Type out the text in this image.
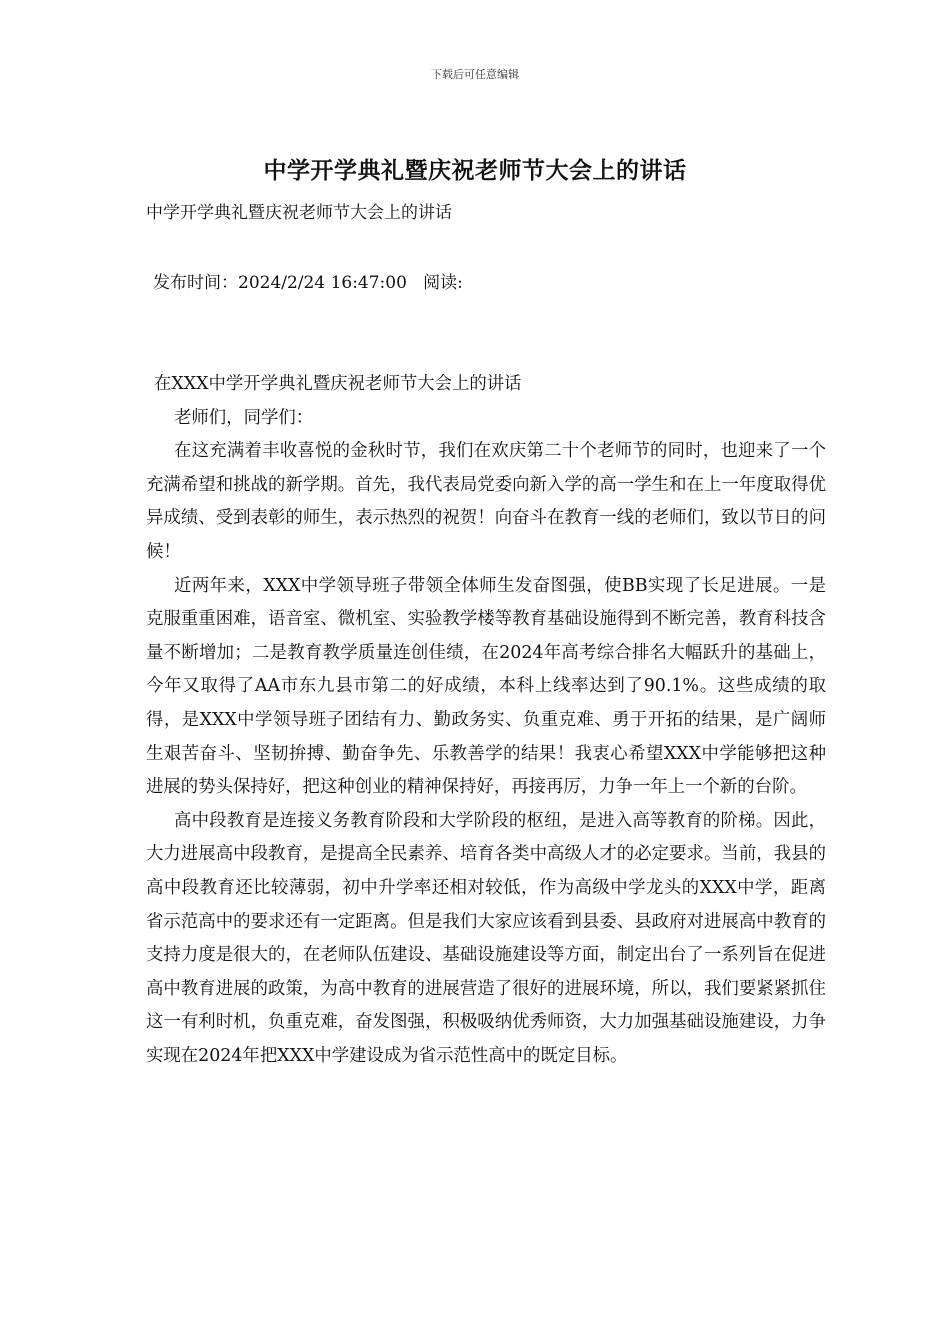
下载后可任意编辑
中学开学典礼暨庆祝老师节大会上的讲话
中学开学典礼暨庆祝老师节大会上的讲话
发布时间：2024/2/24 16:47:00 阅读:

在XXX中学开学典礼暨庆祝老师节大会上的讲话

老师们，同学们：

在这充满着丰收喜悦的金秋时节，我们在欢庆第二十个老师节的同时，也迎来了一个充满希望和挑战的新学期。首先，我代表局党委向新入学的高一学生和在上一年度取得优异成绩、受到表彰的师生，表示热烈的祝贺！向奋斗在教育一线的老师们，致以节日的问候！

近两年来，XXX中学领导班子带领全体师生发奋图强，使BB实现了长足进展。一是克服重重困难，语音室、微机室、实验教学楼等教育基础设施得到不断完善，教育科技含量不断增加；二是教育教学质量连创佳绩，在2024年高考综合排名大幅跃升的基础上，今年又取得了AA市东九县市第二的好成绩，本科上线率达到了90.1%。这些成绩的取得，是XXX中学领导班子团结有力、勤政务实、负重克难、勇于开拓的结果，是广阔师生艰苦奋斗、坚韧拚搏、勤奋争先、乐教善学的结果！我衷心希望XXX中学能够把这种进展的势头保持好，把这种创业的精神保持好，再接再厉，力争一年上一个新的台阶。

高中段教育是连接义务教育阶段和大学阶段的枢纽，是进入高等教育的阶梯。因此，大力进展高中段教育，是提高全民素养、培育各类中高级人才的必定要求。当前，我县的高中段教育还比较薄弱，初中升学率还相对较低，作为高级中学龙头的XXX中学，距离省示范高中的要求还有一定距离。但是我们大家应该看到县委、县政府对进展高中教育的支持力度是很大的，在老师队伍建设、基础设施建设等方面，制定出台了一系列旨在促进高中教育进展的政策，为高中教育的进展营造了很好的进展环境，所以，我们要紧紧抓住这一有利时机，负重克难，奋发图强，积极吸纳优秀师资，大力加强基础设施建设，力争实现在2024年把XXX中学建设成为省示范性高中的既定目标。
